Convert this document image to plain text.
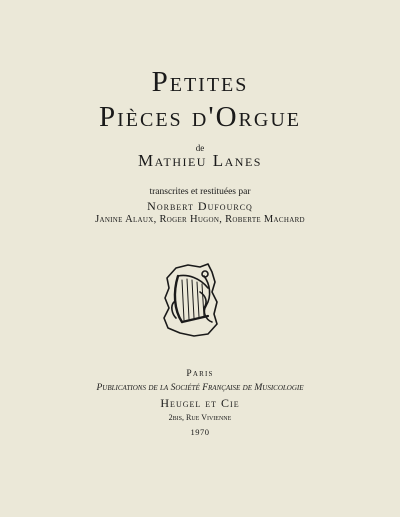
Petites
Pièces d'Orgue
de
Mathieu Lanes
transcrites et restituées par
Norbert Dufourcq
Janine Alaux, Roger Hugon, Roberte Machard
Paris
Publications de la Société Française de Musicologie
Heugel et Cie
2bis, Rue Vivienne
1970
